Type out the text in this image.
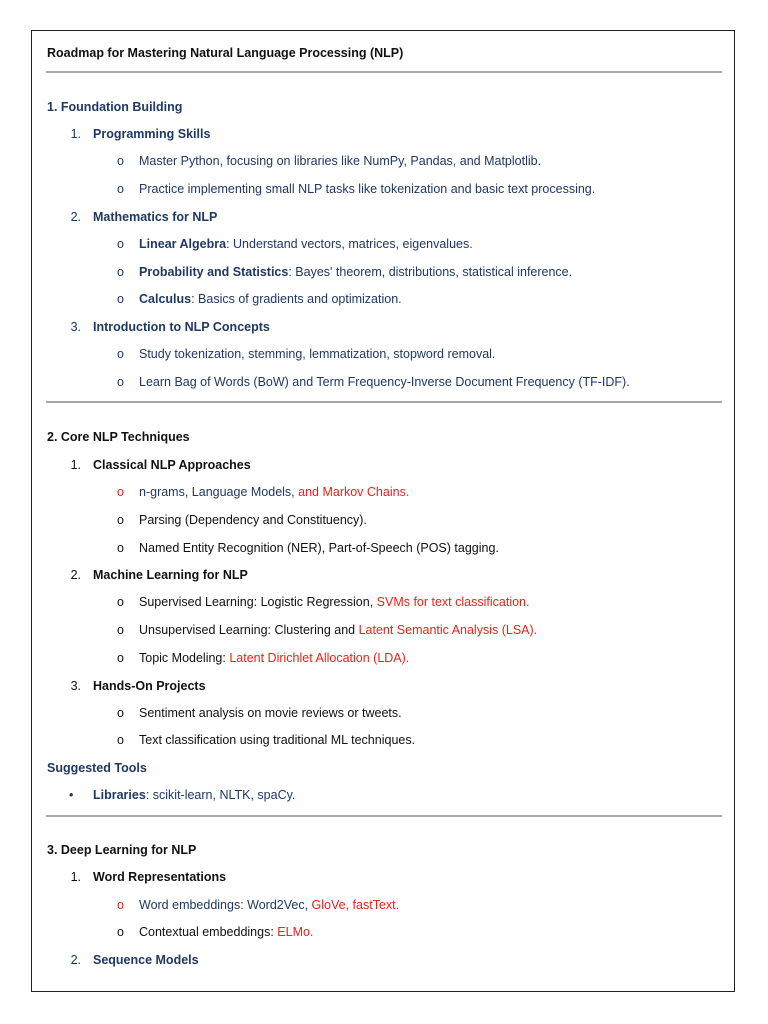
Roadmap for Mastering Natural Language Processing (NLP)
1. Foundation Building
1. Programming Skills
o Master Python, focusing on libraries like NumPy, Pandas, and Matplotlib.
o Practice implementing small NLP tasks like tokenization and basic text processing.
2. Mathematics for NLP
o Linear Algebra: Understand vectors, matrices, eigenvalues.
o Probability and Statistics: Bayes' theorem, distributions, statistical inference.
o Calculus: Basics of gradients and optimization.
3. Introduction to NLP Concepts
o Study tokenization, stemming, lemmatization, stopword removal.
o Learn Bag of Words (BoW) and Term Frequency-Inverse Document Frequency (TF-IDF).
2. Core NLP Techniques
1. Classical NLP Approaches
o n-grams, Language Models, and Markov Chains.
o Parsing (Dependency and Constituency).
o Named Entity Recognition (NER), Part-of-Speech (POS) tagging.
2. Machine Learning for NLP
o Supervised Learning: Logistic Regression, SVMs for text classification.
o Unsupervised Learning: Clustering and Latent Semantic Analysis (LSA).
o Topic Modeling: Latent Dirichlet Allocation (LDA).
3. Hands-On Projects
o Sentiment analysis on movie reviews or tweets.
o Text classification using traditional ML techniques.
Suggested Tools
• Libraries: scikit-learn, NLTK, spaCy.
3. Deep Learning for NLP
1. Word Representations
o Word embeddings: Word2Vec, GloVe, fastText.
o Contextual embeddings: ELMo.
2. Sequence Models
